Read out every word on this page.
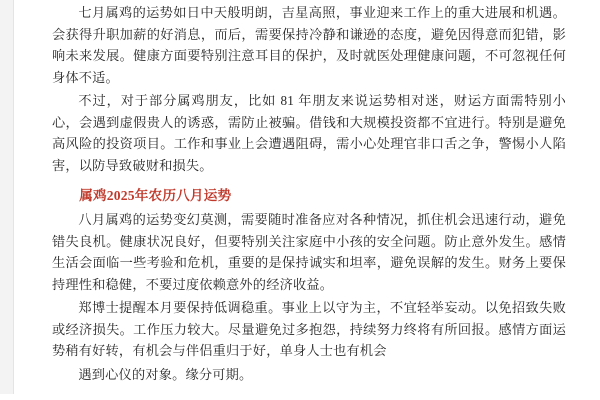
七月属鸡的运势如日中天般明朗，吉星高照，事业迎来工作上的重大进展和机遇。会获得升职加薪的好消息，而后，需要保持冷静和谦逊的态度，避免因得意而犯错，影响未来发展。健康方面要特别注意耳目的保护，及时就医处理健康问题，不可忽视任何身体不适。

不过，对于部分属鸡朋友，比如 81 年朋友来说运势相对迷，财运方面需特别小心，会遇到虚假贵人的诱惑，需防止被骗。借钱和大规模投资都不宜进行。特别是避免高风险的投资项目。工作和事业上会遭遇阻碍，需小心处理官非口舌之争，警惕小人陷害，以防导致破财和损失。

属鸡2025年农历八月运势

八月属鸡的运势变幻莫测，需要随时准备应对各种情况，抓住机会迅速行动，避免错失良机。健康状况良好，但要特别关注家庭中小孩的安全问题。防止意外发生。感情生活会面临一些考验和危机，重要的是保持诚实和坦率，避免误解的发生。财务上要保持理性和稳健，不要过度依赖意外的经济收益。

郑博士提醒本月要保持低调稳重。事业上以守为主，不宜轻举妄动。以免招致失败或经济损失。工作压力较大。尽量避免过多抱怨，持续努力终将有所回报。感情方面运势稍有好转，有机会与伴侣重归于好，单身人士也有机会

遇到心仪的对象。缘分可期。
